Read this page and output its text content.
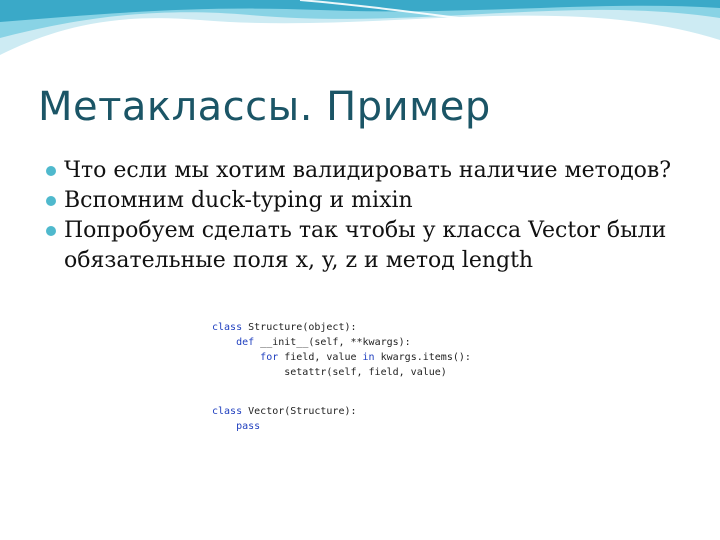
Метаклассы. Пример
Что если мы хотим валидировать наличие методов?
Вспомним duck-typing и mixin
Попробуем сделать так чтобы у класса Vector были обязательные поля x, y, z и метод length

class Structure(object):
def __init__(self, **kwargs):
for field, value in kwargs.items():
setattr(self, field, value)

class Vector(Structure):
pass
